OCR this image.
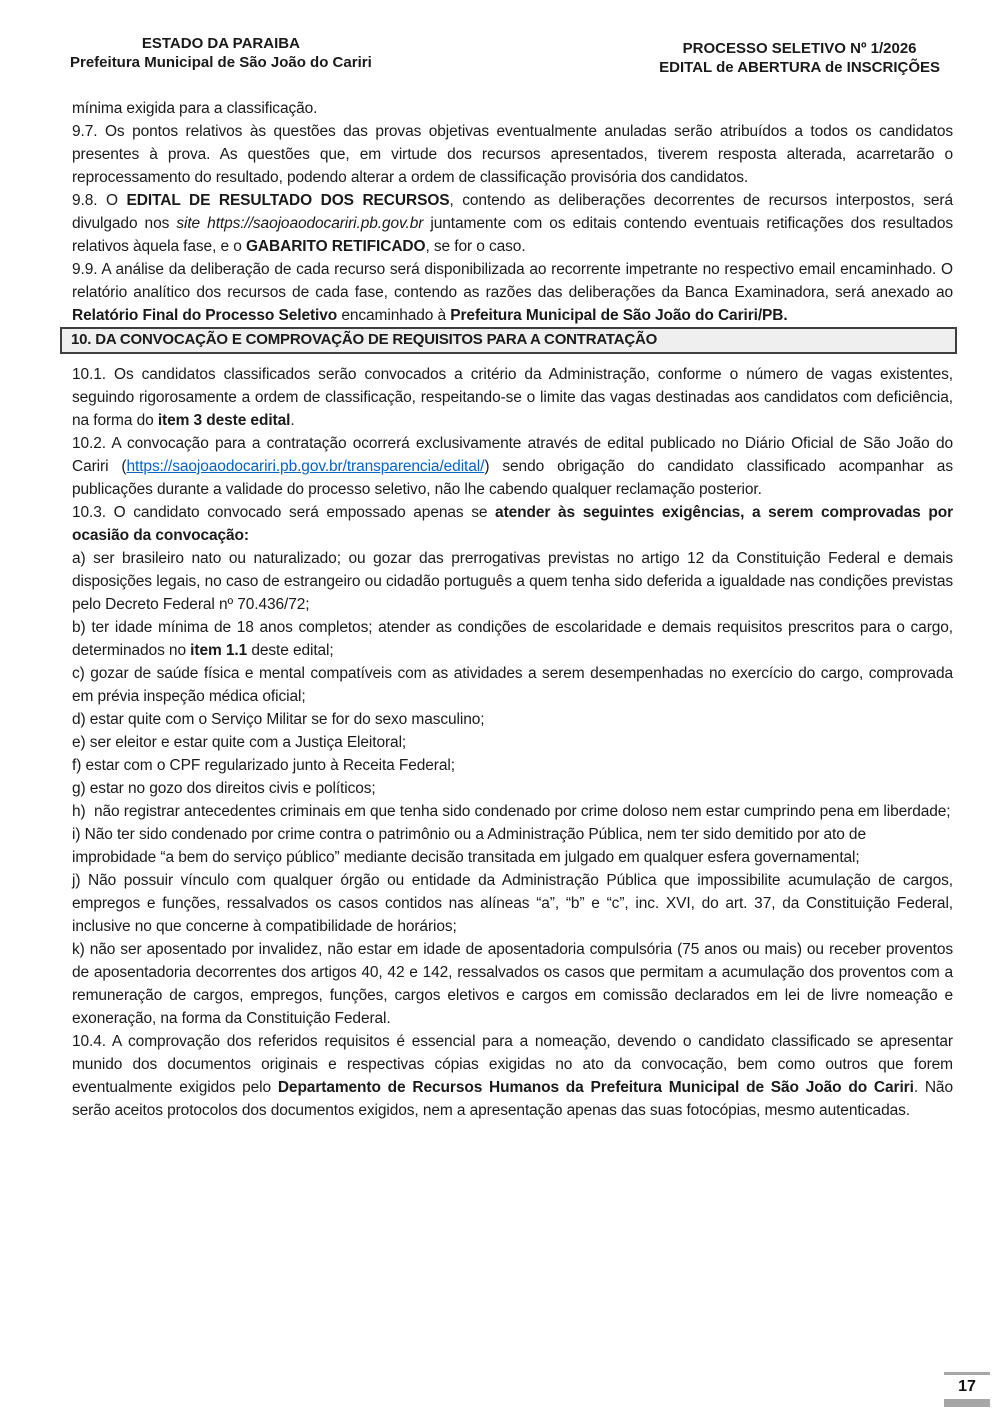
ESTADO DA PARAIBA
Prefeitura Municipal de São João do Cariri
PROCESSO SELETIVO Nº 1/2026
EDITAL de ABERTURA de INSCRIÇÕES

mínima exigida para a classificação.

9.7. Os pontos relativos às questões das provas objetivas eventualmente anuladas serão atribuídos a todos os candidatos presentes à prova. As questões que, em virtude dos recursos apresentados, tiverem resposta alterada, acarretarão o reprocessamento do resultado, podendo alterar a ordem de classificação provisória dos candidatos.

9.8. O EDITAL DE RESULTADO DOS RECURSOS, contendo as deliberações decorrentes de recursos interpostos, será divulgado nos site https://saojoaodocariri.pb.gov.br juntamente com os editais contendo eventuais retificações dos resultados relativos àquela fase, e o GABARITO RETIFICADO, se for o caso.

9.9. A análise da deliberação de cada recurso será disponibilizada ao recorrente impetrante no respectivo email encaminhado. O relatório analítico dos recursos de cada fase, contendo as razões das deliberações da Banca Examinadora, será anexado ao Relatório Final do Processo Seletivo encaminhado à Prefeitura Municipal de São João do Cariri/PB.

10. DA CONVOCAÇÃO E COMPROVAÇÃO DE REQUISITOS PARA A CONTRATAÇÃO

10.1. Os candidatos classificados serão convocados a critério da Administração, conforme o número de vagas existentes, seguindo rigorosamente a ordem de classificação, respeitando-se o limite das vagas destinadas aos candidatos com deficiência, na forma do item 3 deste edital.

10.2. A convocação para a contratação ocorrerá exclusivamente através de edital publicado no Diário Oficial de São João do Cariri (https://saojoaodocariri.pb.gov.br/transparencia/edital/) sendo obrigação do candidato classificado acompanhar as publicações durante a validade do processo seletivo, não lhe cabendo qualquer reclamação posterior.

10.3. O candidato convocado será empossado apenas se atender às seguintes exigências, a serem comprovadas por ocasião da convocação:

a) ser brasileiro nato ou naturalizado; ou gozar das prerrogativas previstas no artigo 12 da Constituição Federal e demais disposições legais, no caso de estrangeiro ou cidadão português a quem tenha sido deferida a igualdade nas condições previstas pelo Decreto Federal nº 70.436/72;

b) ter idade mínima de 18 anos completos; atender as condições de escolaridade e demais requisitos prescritos para o cargo, determinados no item 1.1 deste edital;

c) gozar de saúde física e mental compatíveis com as atividades a serem desempenhadas no exercício do cargo, comprovada em prévia inspeção médica oficial;

d) estar quite com o Serviço Militar se for do sexo masculino;

e) ser eleitor e estar quite com a Justiça Eleitoral;

f) estar com o CPF regularizado junto à Receita Federal;

g) estar no gozo dos direitos civis e políticos;

h)  não registrar antecedentes criminais em que tenha sido condenado por crime doloso nem estar cumprindo pena em liberdade;

i) Não ter sido condenado por crime contra o patrimônio ou a Administração Pública, nem ter sido demitido por ato de

improbidade “a bem do serviço público” mediante decisão transitada em julgado em qualquer esfera governamental;

j) Não possuir vínculo com qualquer órgão ou entidade da Administração Pública que impossibilite acumulação de cargos, empregos e funções, ressalvados os casos contidos nas alíneas “a”, “b” e “c”, inc. XVI, do art. 37, da Constituição Federal, inclusive no que concerne à compatibilidade de horários;

k) não ser aposentado por invalidez, não estar em idade de aposentadoria compulsória (75 anos ou mais) ou receber proventos de aposentadoria decorrentes dos artigos 40, 42 e 142, ressalvados os casos que permitam a acumulação dos proventos com a remuneração de cargos, empregos, funções, cargos eletivos e cargos em comissão declarados em lei de livre nomeação e exoneração, na forma da Constituição Federal.

10.4. A comprovação dos referidos requisitos é essencial para a nomeação, devendo o candidato classificado se apresentar munido dos documentos originais e respectivas cópias exigidas no ato da convocação, bem como outros que forem eventualmente exigidos pelo Departamento de Recursos Humanos da Prefeitura Municipal de São João do Cariri. Não serão aceitos protocolos dos documentos exigidos, nem a apresentação apenas das suas fotocópias, mesmo autenticadas.

17
